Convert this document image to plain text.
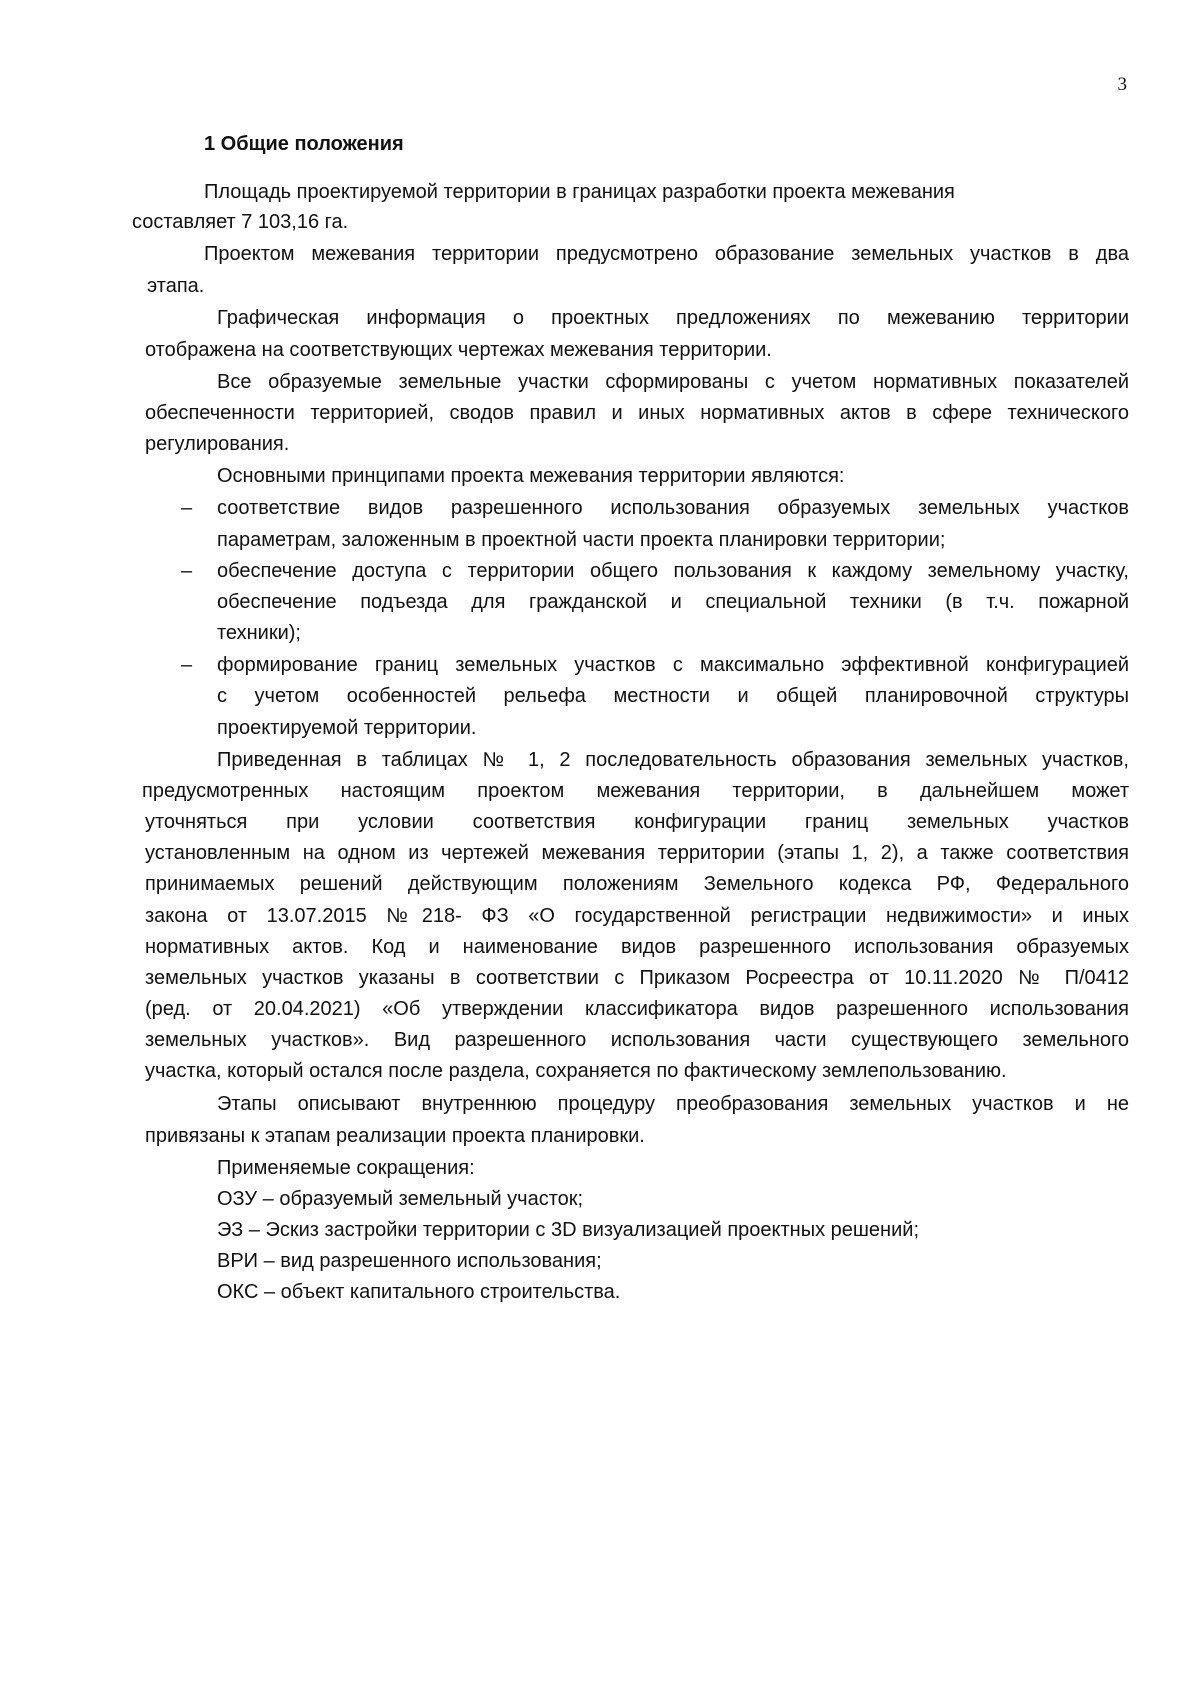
3
1 Общие положения
Площадь проектируемой территории в границах разработки проекта межевания
составляет 7 103,16 га.
Проектом межевания территории предусмотрено образование земельных участков в два
этапа.
Графическая информация о проектных предложениях по межеванию территории
отображена на соответствующих чертежах межевания территории.
Все образуемые земельные участки сформированы с учетом нормативных показателей
обеспеченности территорией, сводов правил и иных нормативных актов в сфере технического
регулирования.
Основными принципами проекта межевания территории являются:
– соответствие видов разрешенного использования образуемых земельных участков
параметрам, заложенным в проектной части проекта планировки территории;
– обеспечение доступа с территории общего пользования к каждому земельному участку,
обеспечение подъезда для гражданской и специальной техники (в т.ч. пожарной
техники);
– формирование границ земельных участков с максимально эффективной конфигурацией
с учетом особенностей рельефа местности и общей планировочной структуры
проектируемой территории.
Приведенная в таблицах № 1, 2 последовательность образования земельных участков,
предусмотренных настоящим проектом межевания территории, в дальнейшем может
уточняться при условии соответствия конфигурации границ земельных участков
установленным на одном из чертежей межевания территории (этапы 1, 2), а также соответствия
принимаемых решений действующим положениям Земельного кодекса РФ, Федерального
закона от 13.07.2015 №218- ФЗ «О государственной регистрации недвижимости» и иных
нормативных актов. Код и наименование видов разрешенного использования образуемых
земельных участков указаны в соответствии с Приказом Росреестра от 10.11.2020 № П/0412
(ред. от 20.04.2021) «Об утверждении классификатора видов разрешенного использования
земельных участков». Вид разрешенного использования части существующего земельного
участка, который остался после раздела, сохраняется по фактическому землепользованию.
Этапы описывают внутреннюю процедуру преобразования земельных участков и не
привязаны к этапам реализации проекта планировки.
Применяемые сокращения:
ОЗУ – образуемый земельный участок;
ЭЗ – Эскиз застройки территории с 3D визуализацией проектных решений;
ВРИ – вид разрешенного использования;
ОКС – объект капитального строительства.
